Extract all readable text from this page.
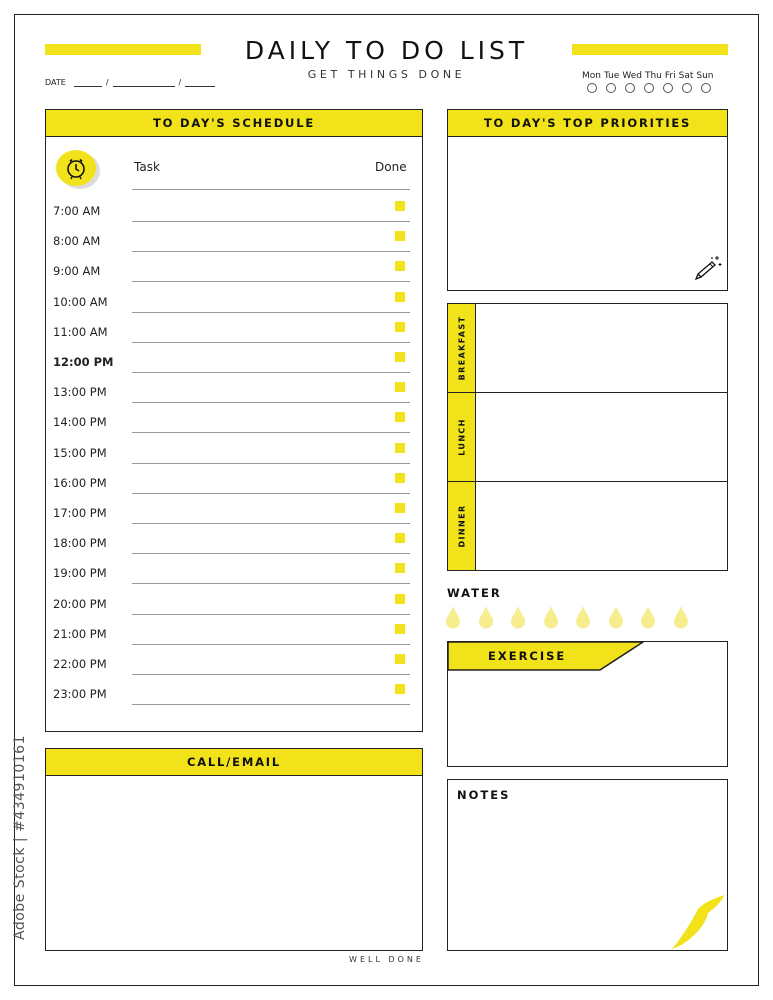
DAILY TO DO LIST
GET THINGS DONE
DATE	/	/
Mon Tue Wed Thu Fri Sat Sun
TO DAY'S SCHEDULE
Task	Done
7:00 AM
8:00 AM
9:00 AM
10:00 AM
11:00 AM
12:00 PM
13:00 PM
14:00 PM
15:00 PM
16:00 PM
17:00 PM
18:00 PM
19:00 PM
20:00 PM
21:00 PM
22:00 PM
23:00 PM
TO DAY'S TOP PRIORITIES
BREAKFAST
LUNCH
DINNER
WATER
EXERCISE
CALL/EMAIL
NOTES
WELL DONE
Adobe Stock | #434910161
